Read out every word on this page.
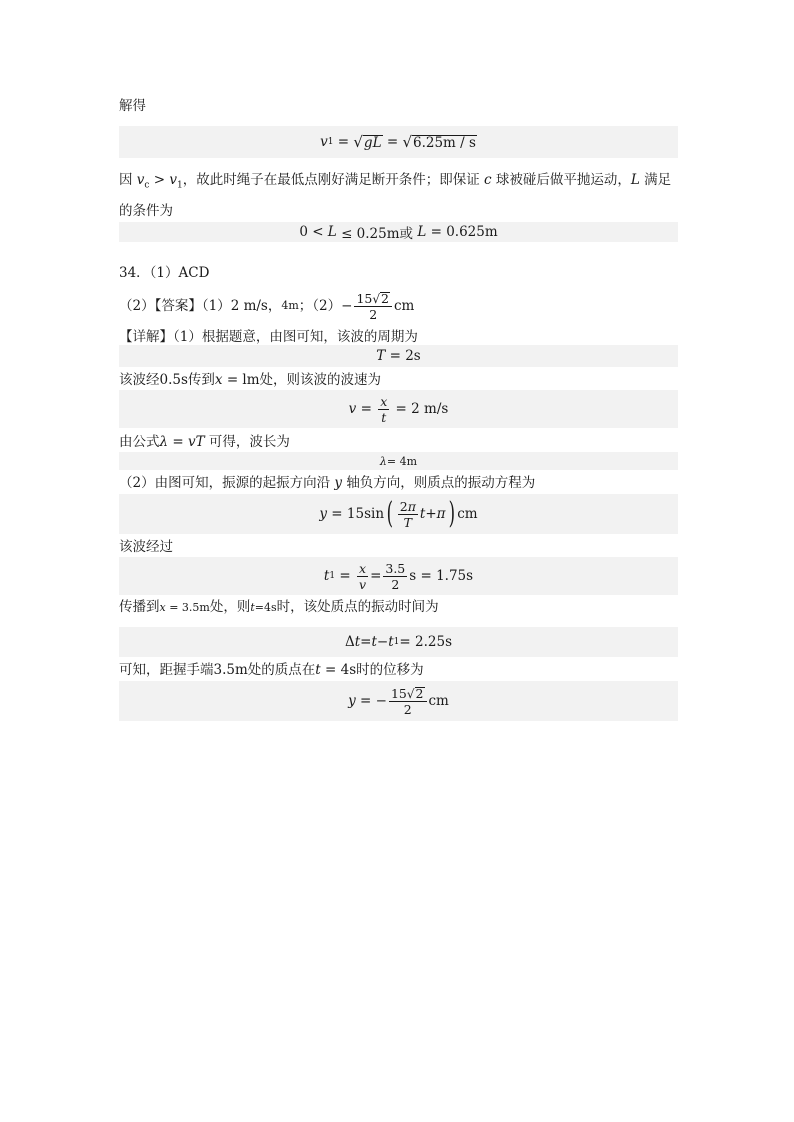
解得
v 1 = √ gL = √ 6.25m / s
因 $v_c > v_1$，故此时绳子在最低点刚好满足断开条件；即保证 c 球被碰后做平抛运动，L 满足
的条件为
0 < L ≤ 0.25m或 L = 0.625m
34．（1）ACD
（2）【答案】（1） 2 m/s ， 4m ；$(2) - \frac{15 √ 2}{2}$ cm
【详解】（1）根据题意，由图可知，该波的周期为
T = 2s
该波经0.5s传到x = lm处，则该波的波速为
$v = \frac{x}{t} = 2$ m/s
由公式λ = vT 可得，波长为
λ = 4m
（2）由图可知，振源的起振方向沿 y 轴负方向，则质点的振动方程为
y = 15sin ( $\frac{2\pi}{T}$ t + π ) cm
该波经过
t $1 = \frac{x}{v} = \frac{3.5}{2}$ s = 1.75s
传播到x = 3.5m处，则t=4s时，该处质点的振动时间为
Δ t = t − t 1 = 2.25s
可知，距握手端3.5m处的质点在t = 4s时的位移为
y = − $\frac{15 √ 2}{2}$ cm
